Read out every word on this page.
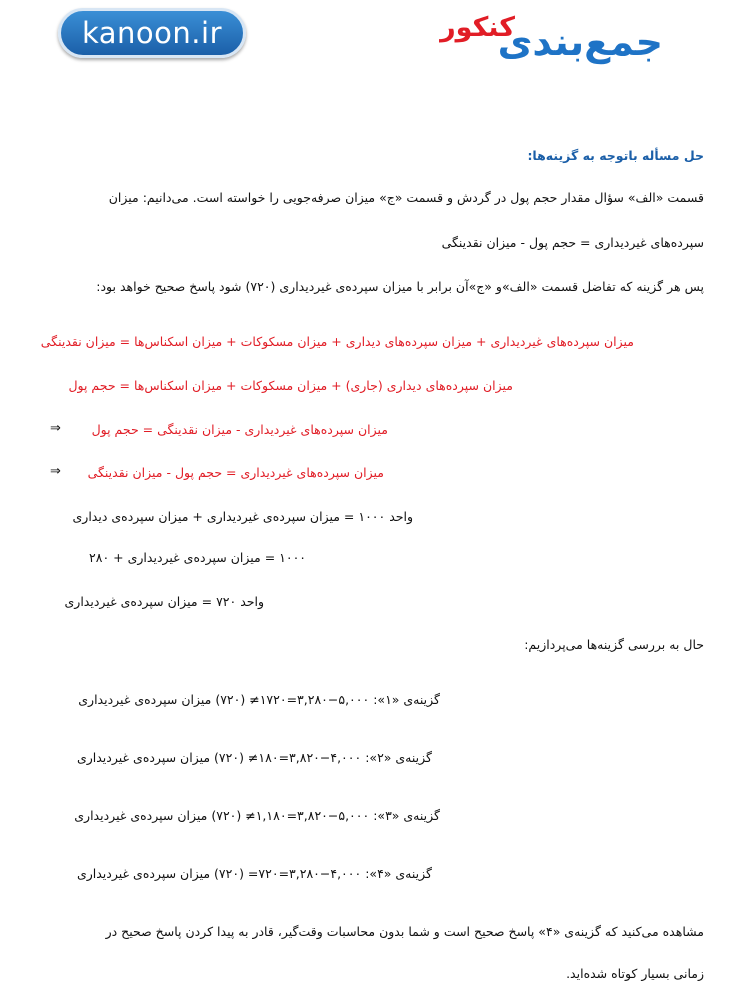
kanoon.ir	جمع‌بندی
کنکور
حل مسأله باتوجه به گزینه‌ها:
قسمت «الف» سؤال مقدار حجم پول در گردش و قسمت «ج» میزان صرفه‌جویی را خواسته است. می‌دانیم: میزان
سپرده‌های غیردیداری = حجم پول - میزان نقدینگی
پس هر گزینه که تفاضل قسمت «الف»و «ج»آن برابر با میزان سپرده‌ی غیردیداری (۷۲۰) شود پاسخ صحیح خواهد بود:
میزان سپرده‌های غیردیداری + میزان سپرده‌های دیداری + میزان مسکوکات + میزان اسکناس‌ها = میزان نقدینگی
میزان سپرده‌های دیداری (جاری) + میزان مسکوکات + میزان اسکناس‌ها = حجم پول
میزان سپرده‌های غیردیداری - میزان نقدینگی = حجم پول
⇒
میزان سپرده‌های غیردیداری = حجم پول - میزان نقدینگی
⇒
واحد ۱۰۰۰ = میزان سپرده‌ی غیردیداری + میزان سپرده‌ی دیداری
۱۰۰۰ = میزان سپرده‌ی غیردیداری + ۲۸۰
واحد ۷۲۰ = میزان سپرده‌ی غیردیداری
حال به بررسی گزینه‌ها می‌پردازیم:
گزینه‌ی «۱»: ۵,۰۰۰−۳,۲۸۰=۱۷۲۰≠ (۷۲۰) میزان سپرده‌ی غیردیداری
گزینه‌ی «۲»: ۴,۰۰۰−۳,۸۲۰=۱۸۰≠ (۷۲۰) میزان سپرده‌ی غیردیداری
گزینه‌ی «۳»: ۵,۰۰۰−۳,۸۲۰=۱,۱۸۰≠ (۷۲۰) میزان سپرده‌ی غیردیداری
گزینه‌ی «۴»: ۴,۰۰۰−۳,۲۸۰=۷۲۰= (۷۲۰) میزان سپرده‌ی غیردیداری
مشاهده می‌کنید که گزینه‌ی «۴» پاسخ صحیح است و شما بدون محاسبات وقت‌گیر، قادر به پیدا کردن پاسخ صحیح در
زمانی بسیار کوتاه شده‌اید.
